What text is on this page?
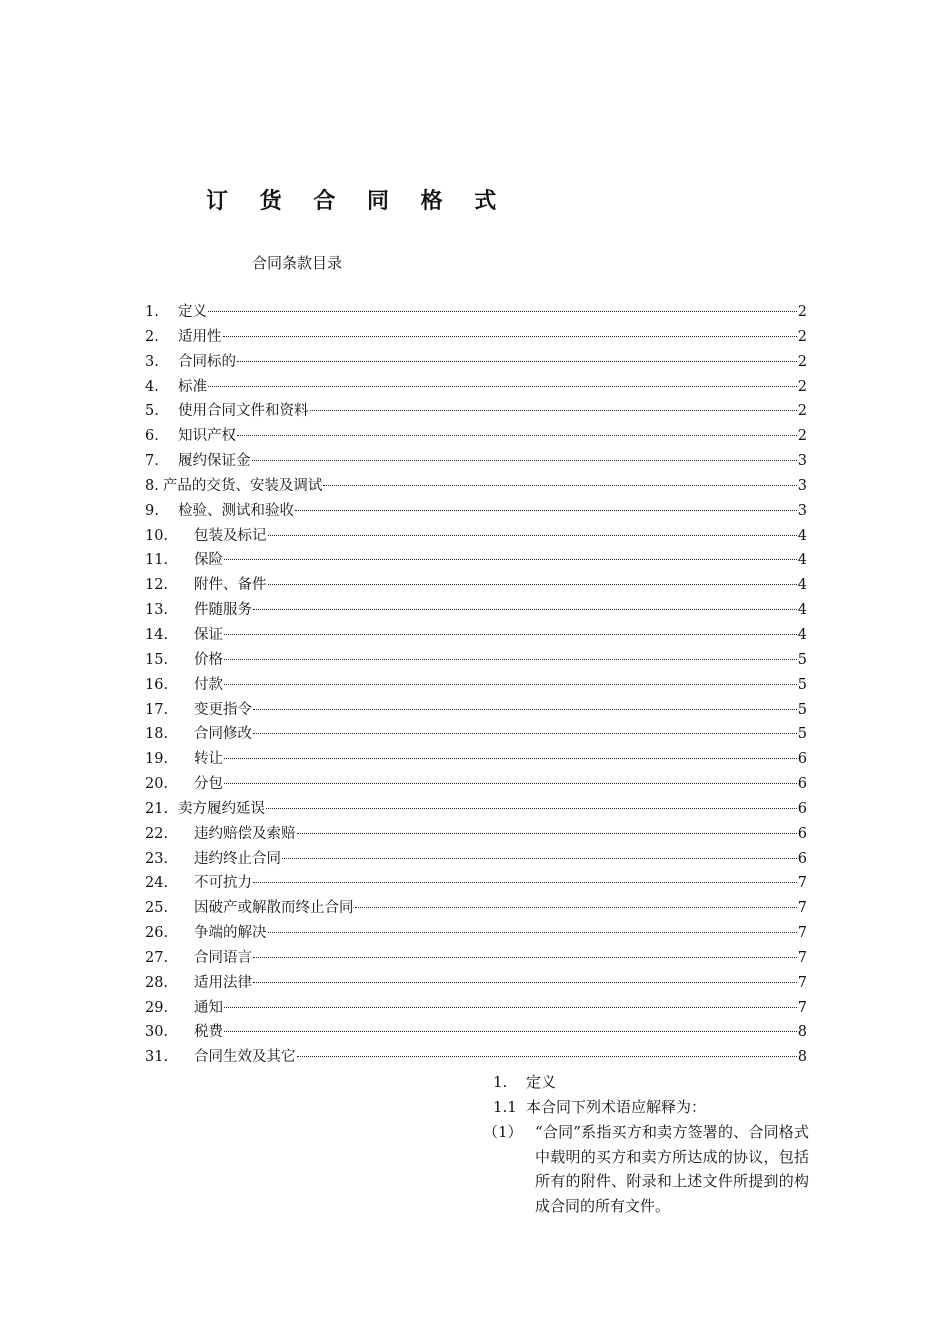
订 货 合 同 格 式
合同条款目录
1.	定义	2
2.	适用性	2
3.	合同标的	2
4.	标准	2
5.	使用合同文件和资料	2
6.	知识产权	2
7.	履约保证金	3
8. 产品的交货、安装及调试	3
9.	检验、测试和验收	3
10.	包装及标记	4
11.	保险	4
12.	附件、备件	4
13.	件随服务	4
14.	保证	4
15.	价格	5
16.	付款	5
17.	变更指令	5
18.	合同修改	5
19.	转让	6
20.	分包	6
21. 卖方履约延误	6
22.	违约赔偿及索赔	6
23.	违约终止合同	6
24.	不可抗力	7
25.	因破产或解散而终止合同	7
26.	争端的解决	7
27.	合同语言	7
28.	适用法律	7
29.	通知	7
30.	税费	8
31.	合同生效及其它	8
1. 定义
1.1 本合同下列术语应解释为：
（1） “合同”系指买方和卖方签署的、合同格式中载明的买方和卖方所达成的协议，包括所有的附件、附录和上述文件所提到的构成合同的所有文件。
